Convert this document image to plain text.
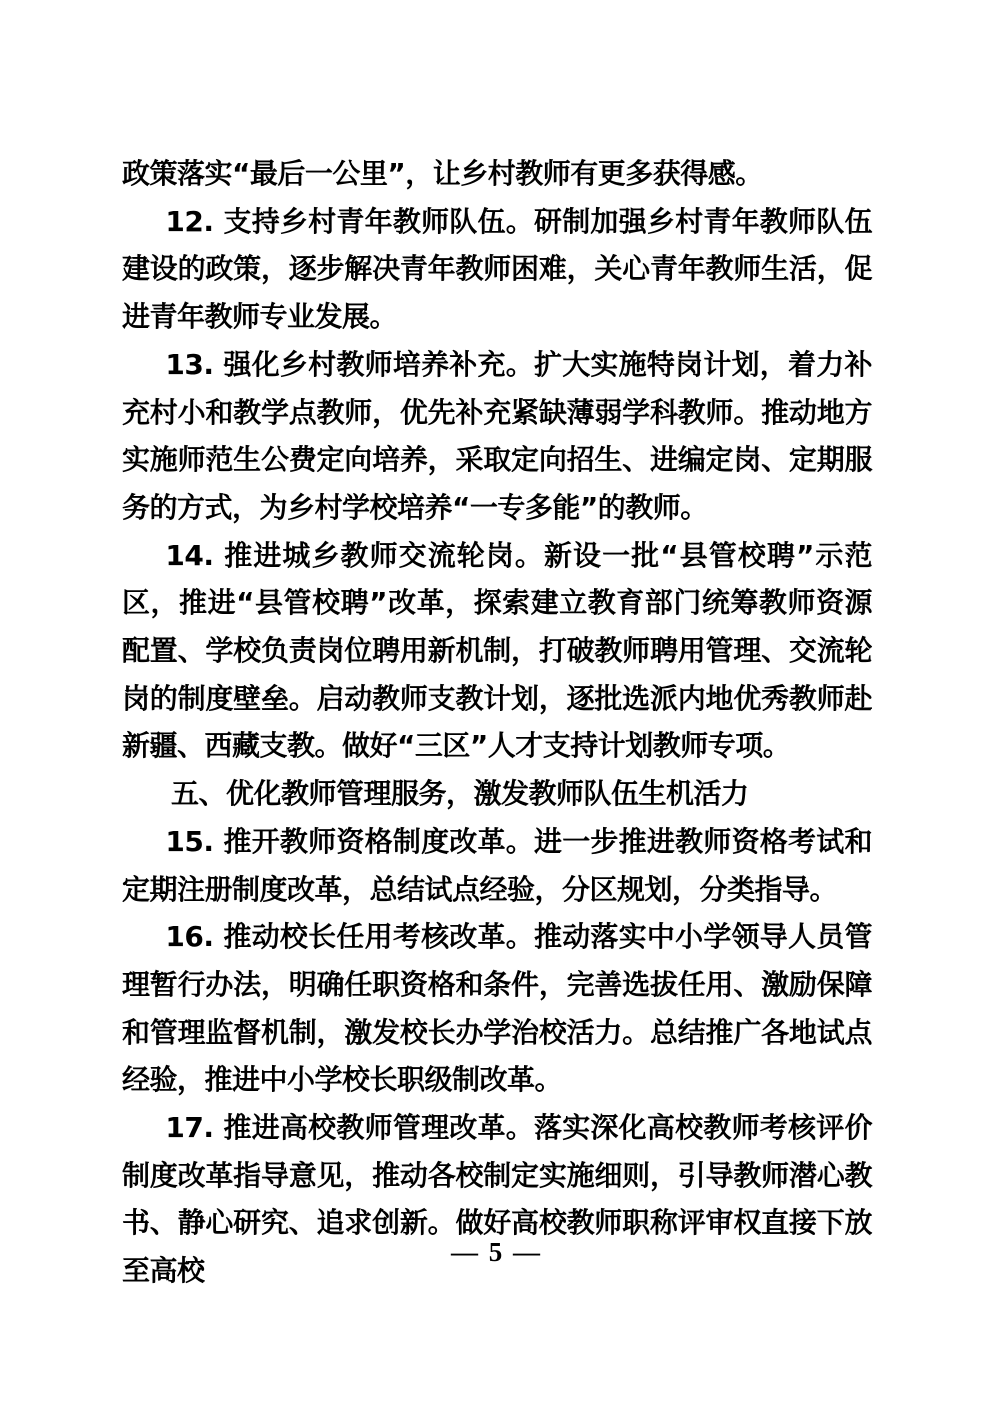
政策落实“最后一公里”，让乡村教师有更多获得感。

12. 支持乡村青年教师队伍。研制加强乡村青年教师队伍建设的政策，逐步解决青年教师困难，关心青年教师生活，促进青年教师专业发展。

13. 强化乡村教师培养补充。扩大实施特岗计划，着力补充村小和教学点教师，优先补充紧缺薄弱学科教师。推动地方实施师范生公费定向培养，采取定向招生、进编定岗、定期服务的方式，为乡村学校培养“一专多能”的教师。

14. 推进城乡教师交流轮岗。新设一批“县管校聘”示范区，推进“县管校聘”改革，探索建立教育部门统筹教师资源配置、学校负责岗位聘用新机制，打破教师聘用管理、交流轮岗的制度壁垒。启动教师支教计划，逐批选派内地优秀教师赴新疆、西藏支教。做好“三区”人才支持计划教师专项。

五、优化教师管理服务，激发教师队伍生机活力

15. 推开教师资格制度改革。进一步推进教师资格考试和定期注册制度改革，总结试点经验，分区规划，分类指导。

16. 推动校长任用考核改革。推动落实中小学领导人员管理暂行办法，明确任职资格和条件，完善选拔任用、激励保障和管理监督机制，激发校长办学治校活力。总结推广各地试点经验，推进中小学校长职级制改革。

17. 推进高校教师管理改革。落实深化高校教师考核评价制度改革指导意见，推动各校制定实施细则，引导教师潜心教书、静心研究、追求创新。做好高校教师职称评审权直接下放至高校

— 5 —
